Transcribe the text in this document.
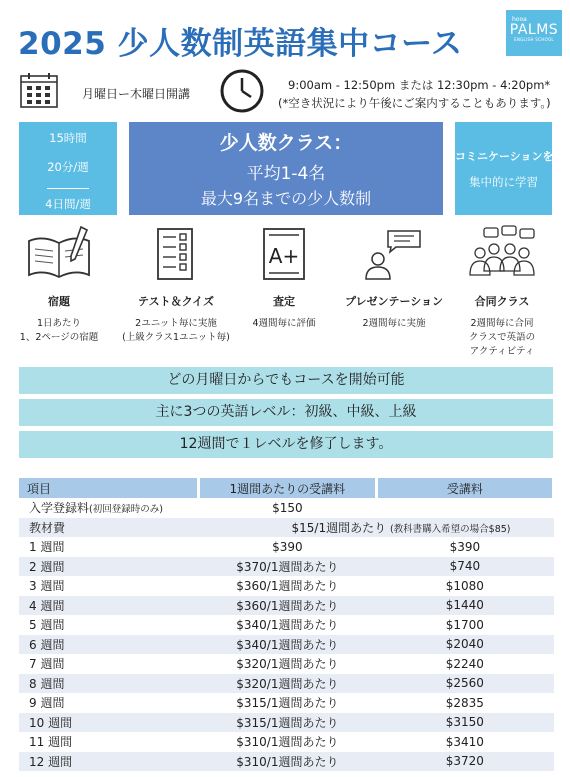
2025 少人数制英語集中コース
hooa
PALMS
ENGLISH SCHOOL
月曜日ー木曜日開講
9:00am - 12:50pm または 12:30pm - 4:20pm*
(*空き状況により午後にご案内することもあります。)
15時間
20分/週
4日間/週
少人数クラス：
平均1-4名
最大9名までの少人数制
コミニケーションを
集中的に学習
宿題
1日あたり
1、2ページの宿題
テスト＆クイズ
2ユニット毎に実施
(上級クラス1ユニット毎)
A+
査定
4週間毎に評価
プレゼンテーション
2週間毎に実施
合同クラス
2週間毎に合同
クラスで英語の
アクティビティ
どの月曜日からでもコースを開始可能
主に3つの英語レベル：初級、中級、上級
12週間で１レベルを修了します。
項目	1週間あたりの受講料	受講料
入学登録料(初回登録時のみ)	$150	
教材費	$15/1週間あたり (教科書購入希望の場合$85)	
1 週間	$390	$390
2 週間	$370/1週間あたり	$740
3 週間	$360/1週間あたり	$1080
4 週間	$360/1週間あたり	$1440
5 週間	$340/1週間あたり	$1700
6 週間	$340/1週間あたり	$2040
7 週間	$320/1週間あたり	$2240
8 週間	$320/1週間あたり	$2560
9 週間	$315/1週間あたり	$2835
10 週間	$315/1週間あたり	$3150
11 週間	$310/1週間あたり	$3410
12 週間	$310/1週間あたり	$3720
